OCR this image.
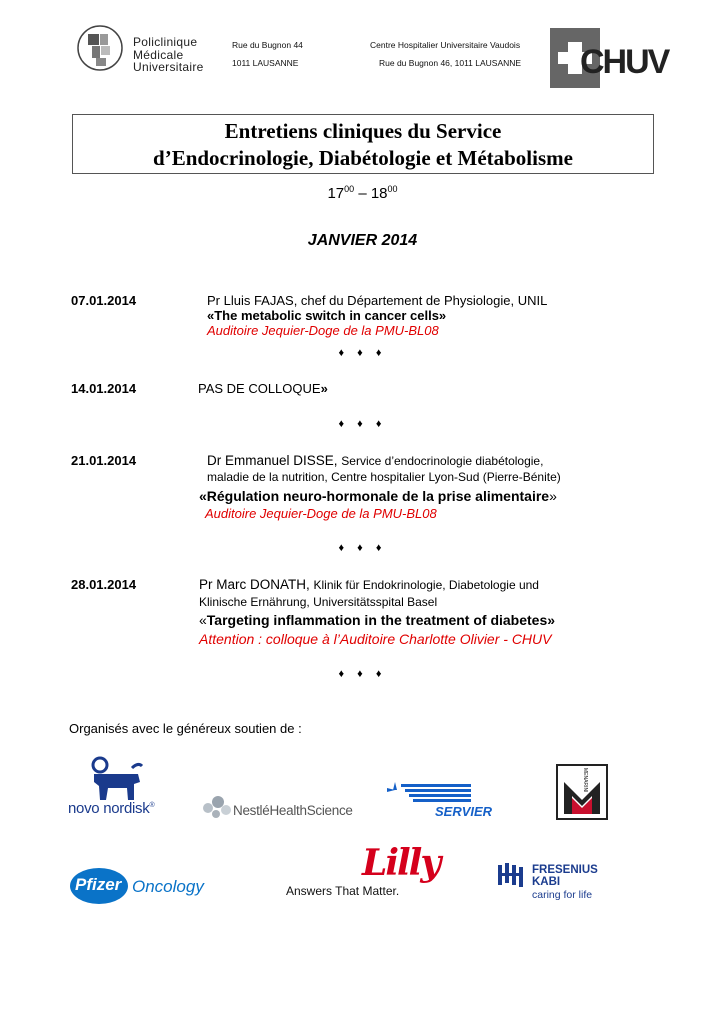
Policlinique
Médicale
Universitaire
Rue du Bugnon 44
1011 LAUSANNE
Centre Hospitalier Universitaire Vaudois
Rue du Bugnon 46, 1011 LAUSANNE CHUV
Entretiens cliniques du Service
d’Endocrinologie, Diabétologie et Métabolisme
$17^{00} - 18^{00}$
JANVIER 2014
07.01.2014	Pr Lluis FAJAS, chef du Département de Physiologie, UNIL
«The metabolic switch in cancer cells»
Auditoire Jequier-Doge de la PMU-BL08
♦ ♦ ♦
14.01.2014	PAS DE COLLOQUE»
♦ ♦ ♦
21.01.2014	Dr Emmanuel DISSE, Service d’endocrinologie diabétologie,
maladie de la nutrition, Centre hospitalier Lyon-Sud (Pierre-Bénite)
«Régulation neuro-hormonale de la prise alimentaire»
Auditoire Jequier-Doge de la PMU-BL08
♦ ♦ ♦
28.01.2014	Pr Marc DONATH, Klinik für Endokrinologie, Diabetologie und
Klinische Ernährung, Universitätsspital Basel
«Targeting inflammation in the treatment of diabetes»
Attention : colloque à l’Auditoire Charlotte Olivier - CHUV
♦ ♦ ♦
Organisés avec le généreux soutien de :
novo nordisk®	NestléHealthScience	SERVIER
MENARINI
Pfizer Oncology
Lilly
Answers That Matter.
FRESENIUS
KABI
caring for life
